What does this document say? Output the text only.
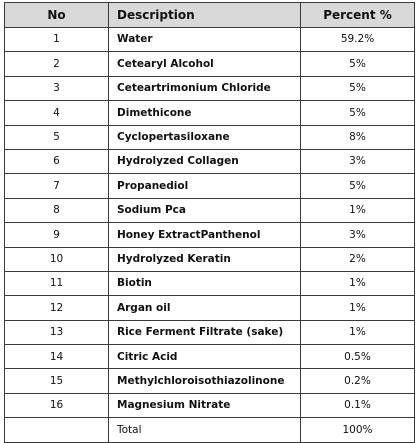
No	Description	Percent %
1	Water	59.2%
2	Cetearyl Alcohol	5%
3	Ceteartrimonium Chloride	5%
4	Dimethicone	5%
5	Cyclopertasiloxane	8%
6	Hydrolyzed Collagen	3%
7	Propanediol	5%
8	Sodium Pca	1%
9	Honey ExtractPanthenol	3%
10	Hydrolyzed Keratin	2%
11	Biotin	1%
12	Argan oil	1%
13	Rice Ferment Filtrate (sake)	1%
14	Citric Acid	0.5%
15	Methylchloroisothiazolinone	0.2%
16	Magnesium Nitrate	0.1%
	Total	100%
